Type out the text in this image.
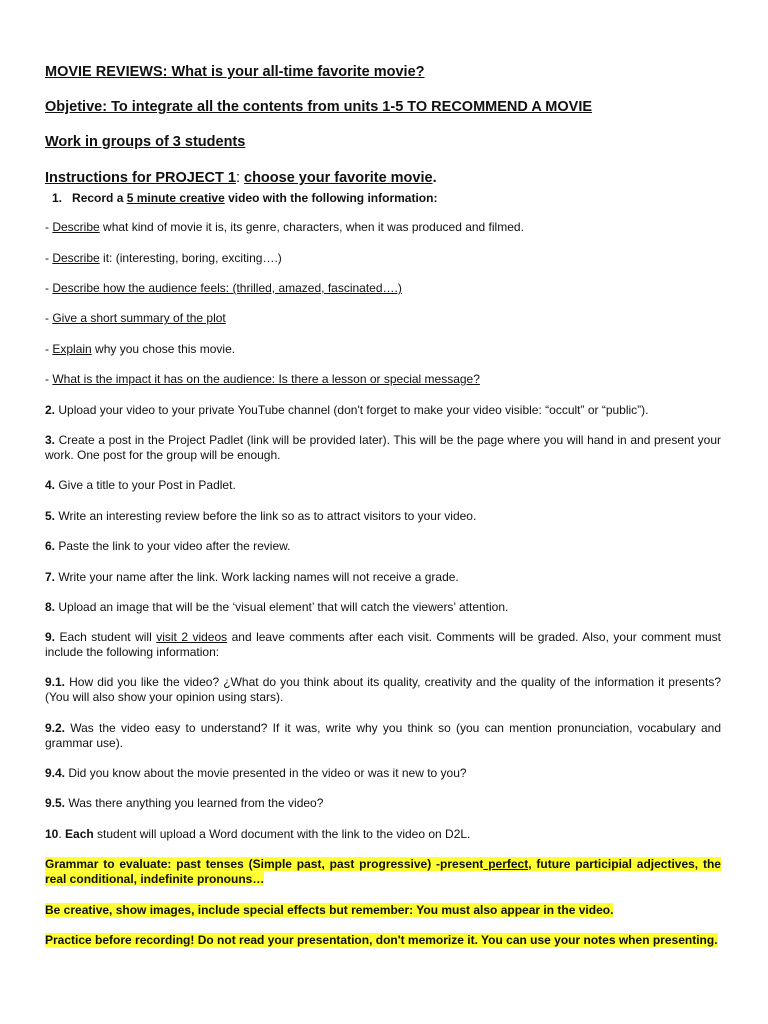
MOVIE REVIEWS: What is your all-time favorite movie?
Objetive: To integrate all the contents from units 1-5 TO RECOMMEND A MOVIE
Work in groups of 3 students
Instructions for PROJECT 1: choose your favorite movie.
1. Record a 5 minute creative video with the following information:
- Describe what kind of movie it is, its genre, characters, when it was produced and filmed.
- Describe it: (interesting, boring, exciting….)
- Describe how the audience feels: (thrilled, amazed, fascinated….)
- Give a short summary of the plot
- Explain why you chose this movie.
- What is the impact it has on the audience: Is there a lesson or special message?
2. Upload your video to your private YouTube channel (don't forget to make your video visible: “occult” or “public”).
3. Create a post in the Project Padlet (link will be provided later). This will be the page where you will hand in and present your work. One post for the group will be enough.
4. Give a title to your Post in Padlet.
5. Write an interesting review before the link so as to attract visitors to your video.
6. Paste the link to your video after the review.
7. Write your name after the link. Work lacking names will not receive a grade.
8. Upload an image that will be the ‘visual element’ that will catch the viewers’ attention.
9. Each student will visit 2 videos and leave comments after each visit. Comments will be graded. Also, your comment must include the following information:
9.1. How did you like the video? ¿What do you think about its quality, creativity and the quality of the information it presents? (You will also show your opinion using stars).
9.2. Was the video easy to understand? If it was, write why you think so (you can mention pronunciation, vocabulary and grammar use).
9.4. Did you know about the movie presented in the video or was it new to you?
9.5. Was there anything you learned from the video?
10. Each student will upload a Word document with the link to the video on D2L.
Grammar to evaluate: past tenses (Simple past, past progressive) -present perfect, future participial adjectives, the real conditional, indefinite pronouns…
Be creative, show images, include special effects but remember: You must also appear in the video.
Practice before recording! Do not read your presentation, don't memorize it. You can use your notes when presenting.
